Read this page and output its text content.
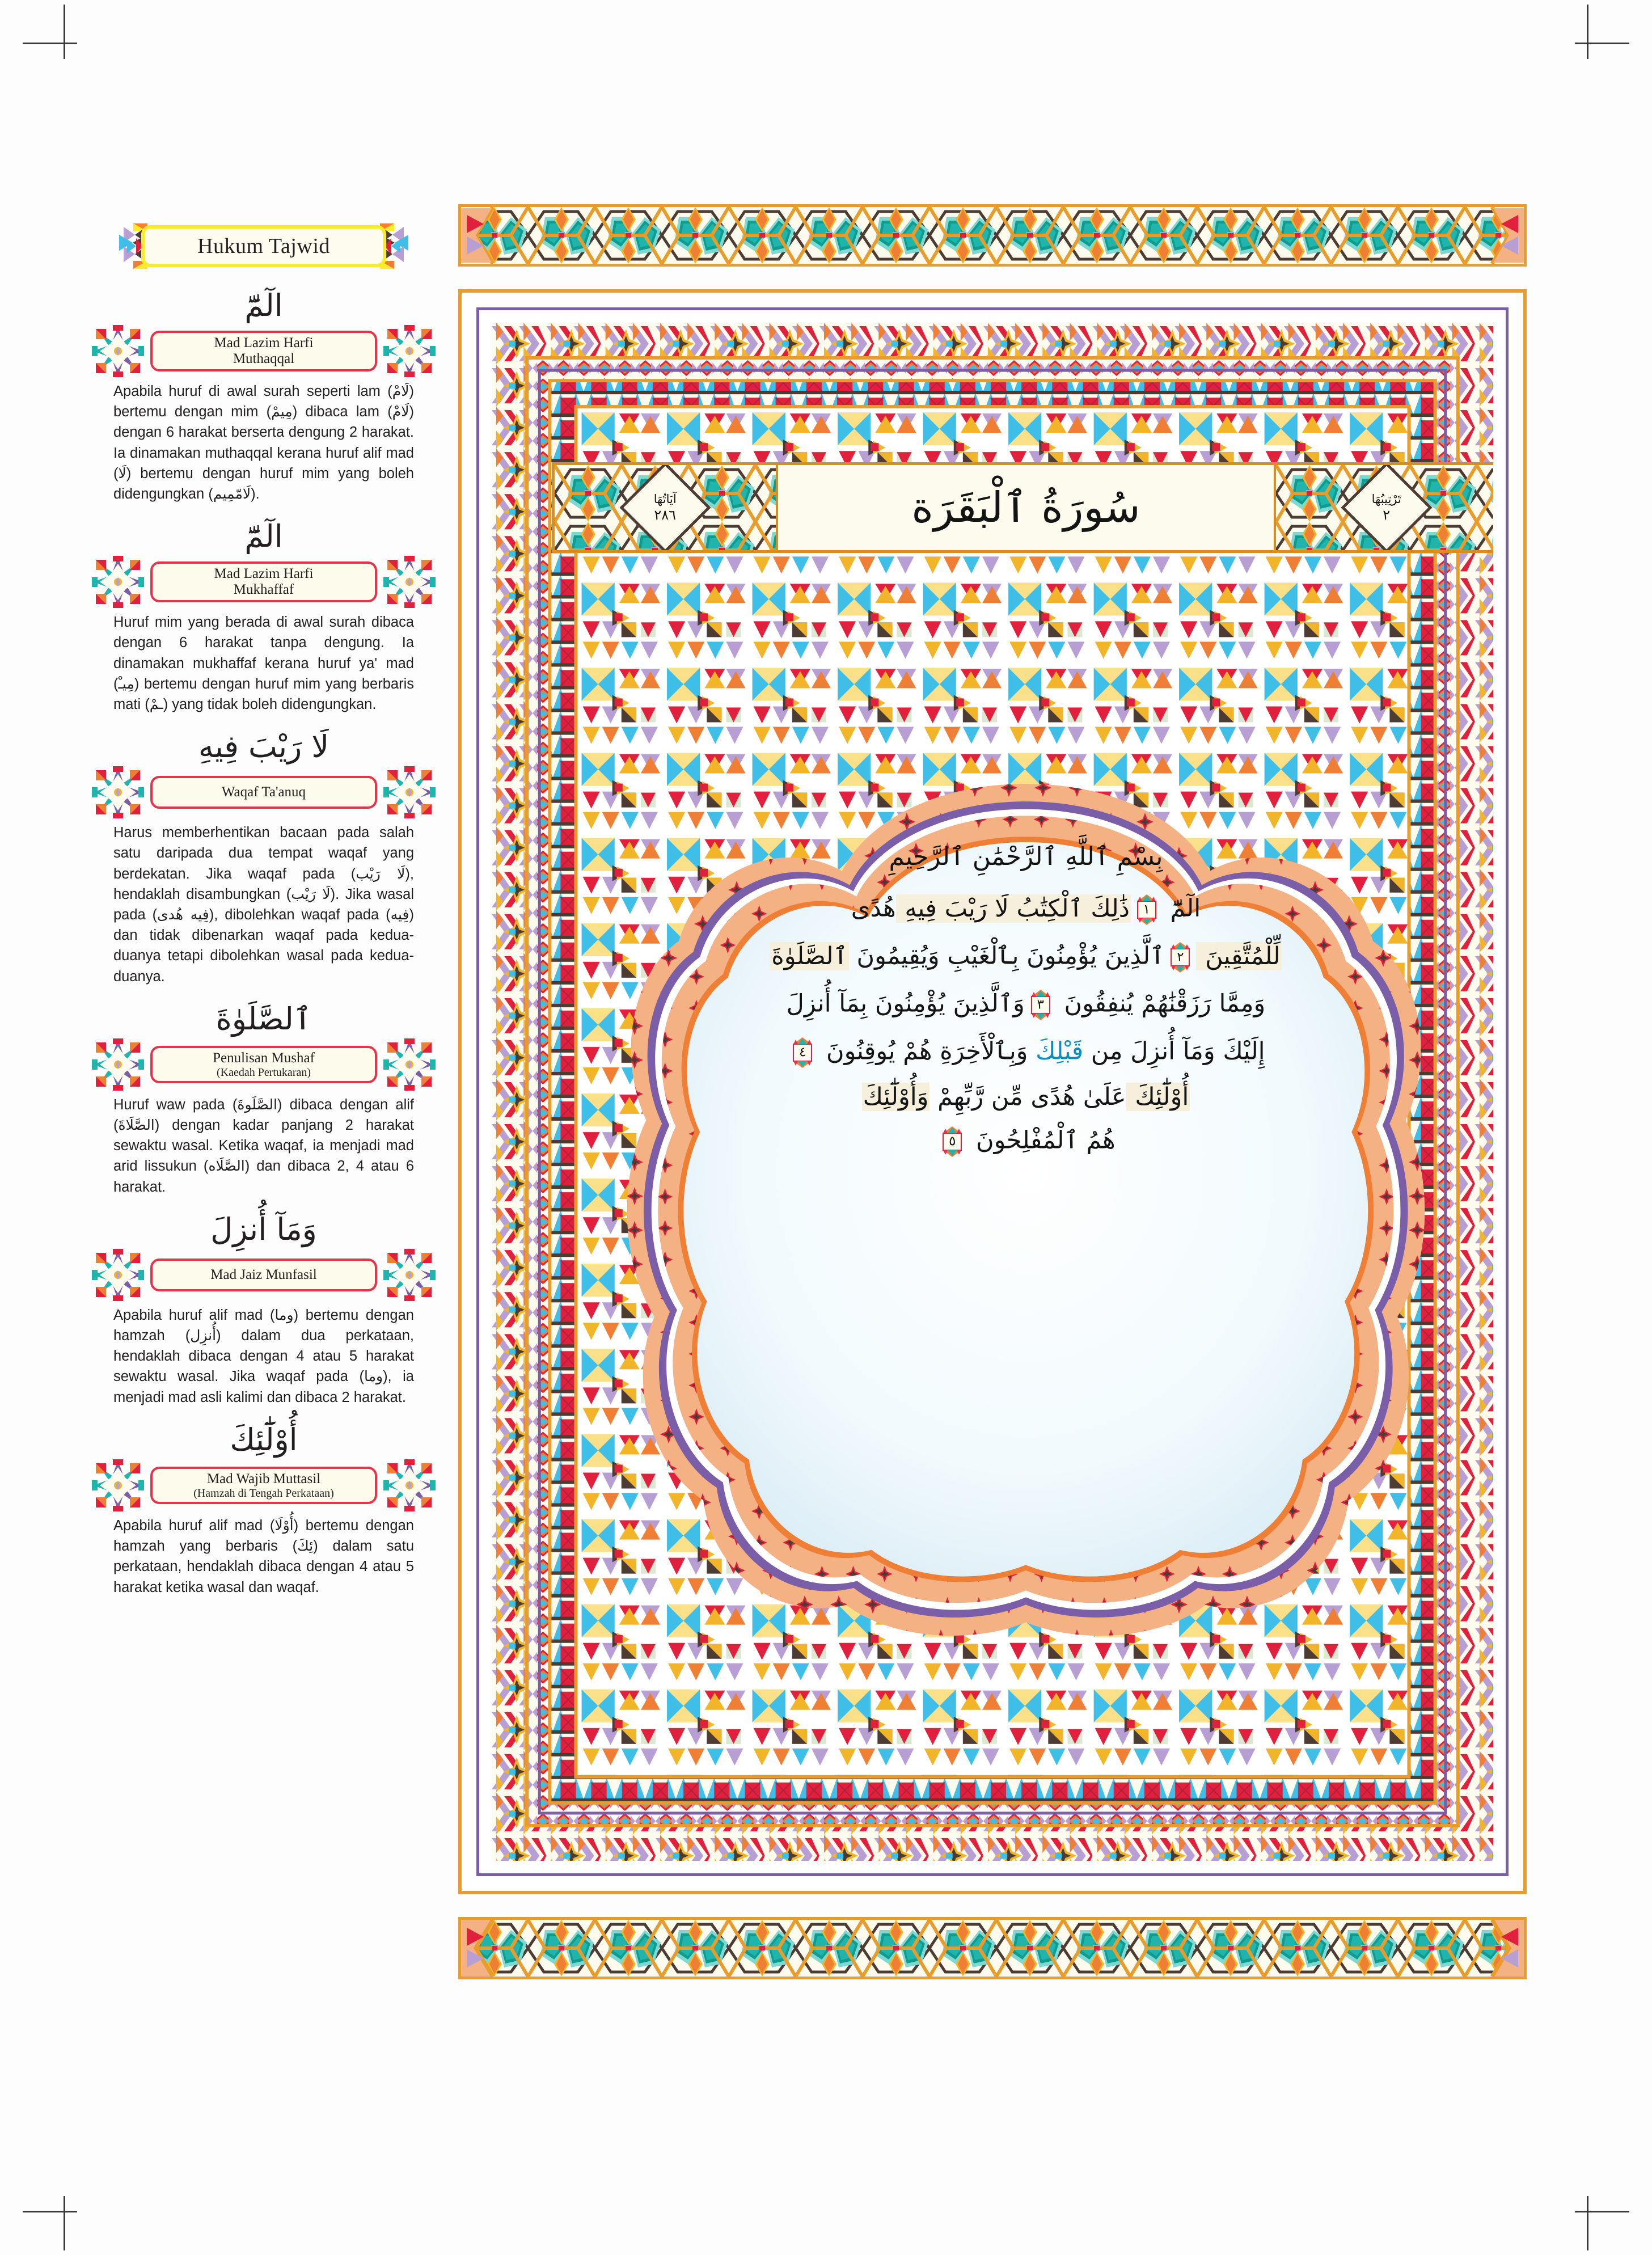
Hukum Tajwid
الٓمّٓ
Mad Lazim Harfi
Muthaqqal
Apabila huruf di awal surah seperti lam (لَامْ) bertemu dengan mim (مِيمْ) dibaca lam (لَامْ) dengan 6 harakat berserta dengung 2 harakat. Ia dinamakan muthaqqal kerana huruf alif mad (لَا) bertemu dengan huruf mim yang boleh didengungkan (لَامّمِيم).
الٓمّٓ
Mad Lazim Harfi
Mukhaffaf
Huruf mim yang berada di awal surah dibaca dengan 6 harakat tanpa dengung. Ia dinamakan mukhaffaf kerana huruf ya' mad (مِيـْ) bertemu dengan huruf mim yang berbaris mati (ـمْ) yang tidak boleh didengungkan.
لَا رَيْبَ فِيهِ
Waqaf Ta'anuq
Harus memberhentikan bacaan pada salah satu daripada dua tempat waqaf yang berdekatan. Jika waqaf pada (لَا رَيْب), hendaklah disambungkan (لَا رَيْب). Jika wasal pada (فِيه هُدى), dibolehkan waqaf pada (فِيه) dan tidak dibenarkan waqaf pada kedua-duanya tetapi dibolehkan wasal pada kedua-duanya.
ٱلصَّلَوٰةَ
Penulisan Mushaf
(Kaedah Pertukaran)
Huruf waw pada (الصَّلَوةَ) dibaca dengan alif (الصَّلَاةَ) dengan kadar panjang 2 harakat sewaktu wasal. Ketika waqaf, ia menjadi mad arid lissukun (الصَّلَاه) dan dibaca 2, 4 atau 6 harakat.
وَمَآ أُنزِلَ
Mad Jaiz Munfasil
Apabila huruf alif mad (وما) bertemu dengan hamzah (أُنزِل) dalam dua perkataan, hendaklah dibaca dengan 4 atau 5 harakat sewaktu wasal. Jika waqaf pada (وما), ia menjadi mad asli kalimi dan dibaca 2 harakat.
أُوْلَٰٓئِكَ
Mad Wajib Muttasil
(Hamzah di Tengah Perkataan)
Apabila huruf alif mad (أُوْلَا) bertemu dengan hamzah yang berbaris (ئِكَ) dalam satu perkataan, hendaklah dibaca dengan 4 atau 5 harakat ketika wasal dan waqaf.
آيَاتُهَا
٢٨٦	سُورَةُ ٱلْبَقَرَة	تَرْتِيبُهَا
٢
بِسْمِ ٱللَّهِ ٱلرَّحْمَٰنِ ٱلرَّحِيمِ
الٓمّٓ
١
ذَٰلِكَ ٱلْكِتَٰبُ لَا رَيْبَ فِيهِ هُدًى
لِّلْمُتَّقِينَ
٢
ٱلَّذِينَ يُؤْمِنُونَ بِٱلْغَيْبِ وَيُقِيمُونَ ٱلصَّلَوٰةَ
وَمِمَّا رَزَقْنَٰهُمْ يُنفِقُونَ
٣
وَٱلَّذِينَ يُؤْمِنُونَ بِمَآ أُنزِلَ
إِلَيْكَ وَمَآ أُنزِلَ مِن قَبْلِكَ وَبِٱلْأَخِرَةِ هُمْ يُوقِنُونَ
٤
أُوْلَٰٓئِكَ عَلَىٰ هُدًى مِّن رَّبِّهِمْ وَأُوْلَٰٓئِكَ
هُمُ ٱلْمُفْلِحُونَ
٥
